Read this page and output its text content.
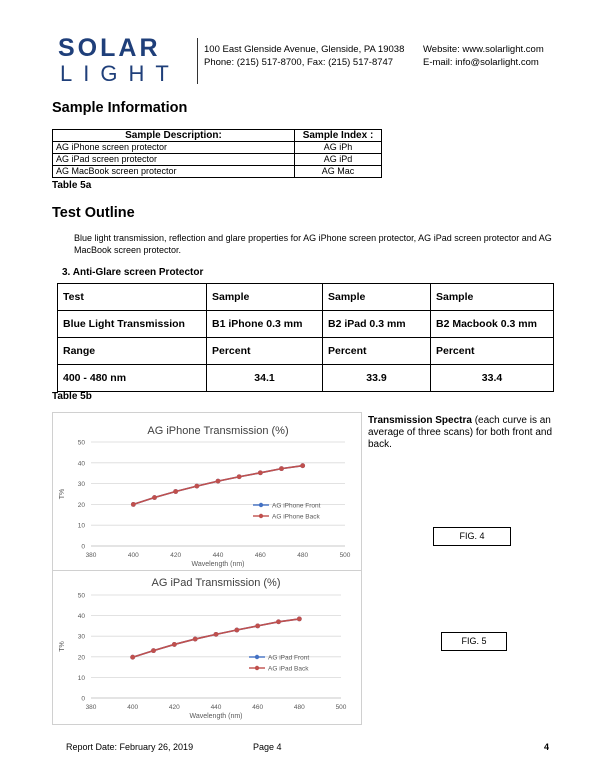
SOLAR
LIGHT
100 East Glenside Avenue, Glenside, PA 19038
Phone: (215) 517-8700, Fax: (215) 517-8747
Website: www.solarlight.com
E-mail: info@solarlight.com
Sample Information
Sample Description:	Sample Index :
AG iPhone screen protector	AG iPh
AG iPad screen protector	AG iPd
AG MacBook screen protector	AG Mac
Table 5a
Test Outline
Blue light transmission, reflection and glare properties for AG iPhone screen protector, AG iPad screen protector and AG MacBook screen protector.
3. Anti-Glare screen Protector
Test	Sample	Sample	Sample
Blue Light Transmission	B1 iPhone 0.3 mm	B2 iPad 0.3 mm	B2 Macbook 0.3 mm
Range	Percent	Percent	Percent
400 - 480 nm	34.1	33.9	33.4
Table 5b
AG iPhone Transmission (%)
0
10
20
30
40
50
380	400	420	440	460	480	500
Wavelength (nm)
T%
AG iPhone Front
AG iPhone Back
AG iPad Transmission (%)
0
10
20
30
40
50
380	400	420	440	460	480	500
Wavelength (nm)
T%
AG iPad Front
AG iPad Back
Transmission Spectra (each curve is an average of three scans) for both front and back.
FIG. 4
FIG. 5
Report Date: February 26, 2019	Page 4	4
